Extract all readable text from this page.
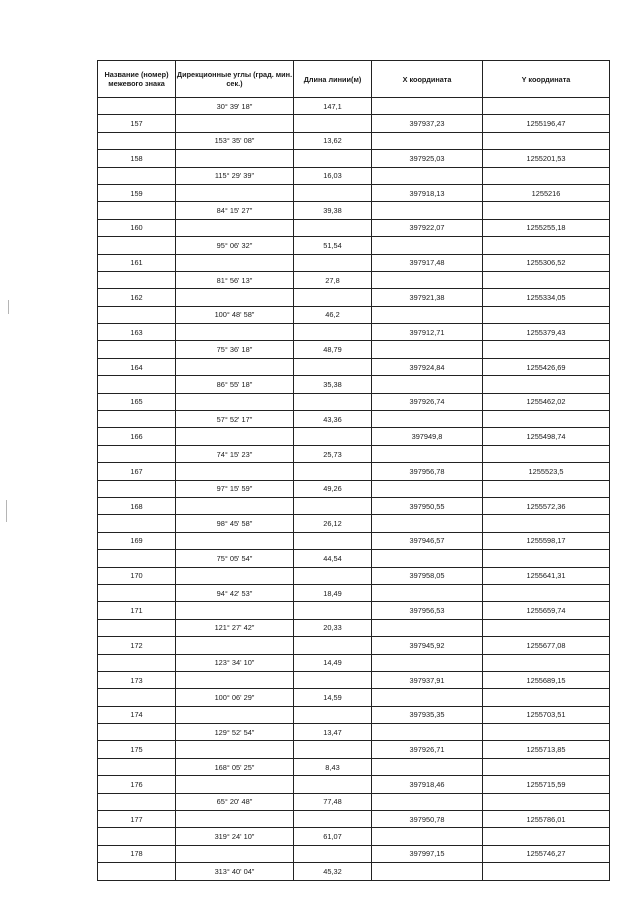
Название (номер) межевого знака	Дирекционные углы (град. мин. сек.)	Длина линии(м)	X координата	Y координата
	30° 39' 18"	147,1		
157			397937,23	1255196,47
	153° 35' 08"	13,62		
158			397925,03	1255201,53
	115° 29' 39"	16,03		
159			397918,13	1255216
	84° 15' 27"	39,38		
160			397922,07	1255255,18
	95° 06' 32"	51,54		
161			397917,48	1255306,52
	81° 56' 13"	27,8		
162			397921,38	1255334,05
	100° 48' 58"	46,2		
163			397912,71	1255379,43
	75° 36' 18"	48,79		
164			397924,84	1255426,69
	86° 55' 18"	35,38		
165			397926,74	1255462,02
	57° 52' 17"	43,36		
166			397949,8	1255498,74
	74° 15' 23"	25,73		
167			397956,78	1255523,5
	97° 15' 59"	49,26		
168			397950,55	1255572,36
	98° 45' 58"	26,12		
169			397946,57	1255598,17
	75° 05' 54"	44,54		
170			397958,05	1255641,31
	94° 42' 53"	18,49		
171			397956,53	1255659,74
	121° 27' 42"	20,33		
172			397945,92	1255677,08
	123° 34' 10"	14,49		
173			397937,91	1255689,15
	100° 06' 29"	14,59		
174			397935,35	1255703,51
	129° 52' 54"	13,47		
175			397926,71	1255713,85
	168° 05' 25"	8,43		
176			397918,46	1255715,59
	65° 20' 48"	77,48		
177			397950,78	1255786,01
	319° 24' 10"	61,07		
178			397997,15	1255746,27
	313° 40' 04"	45,32		
